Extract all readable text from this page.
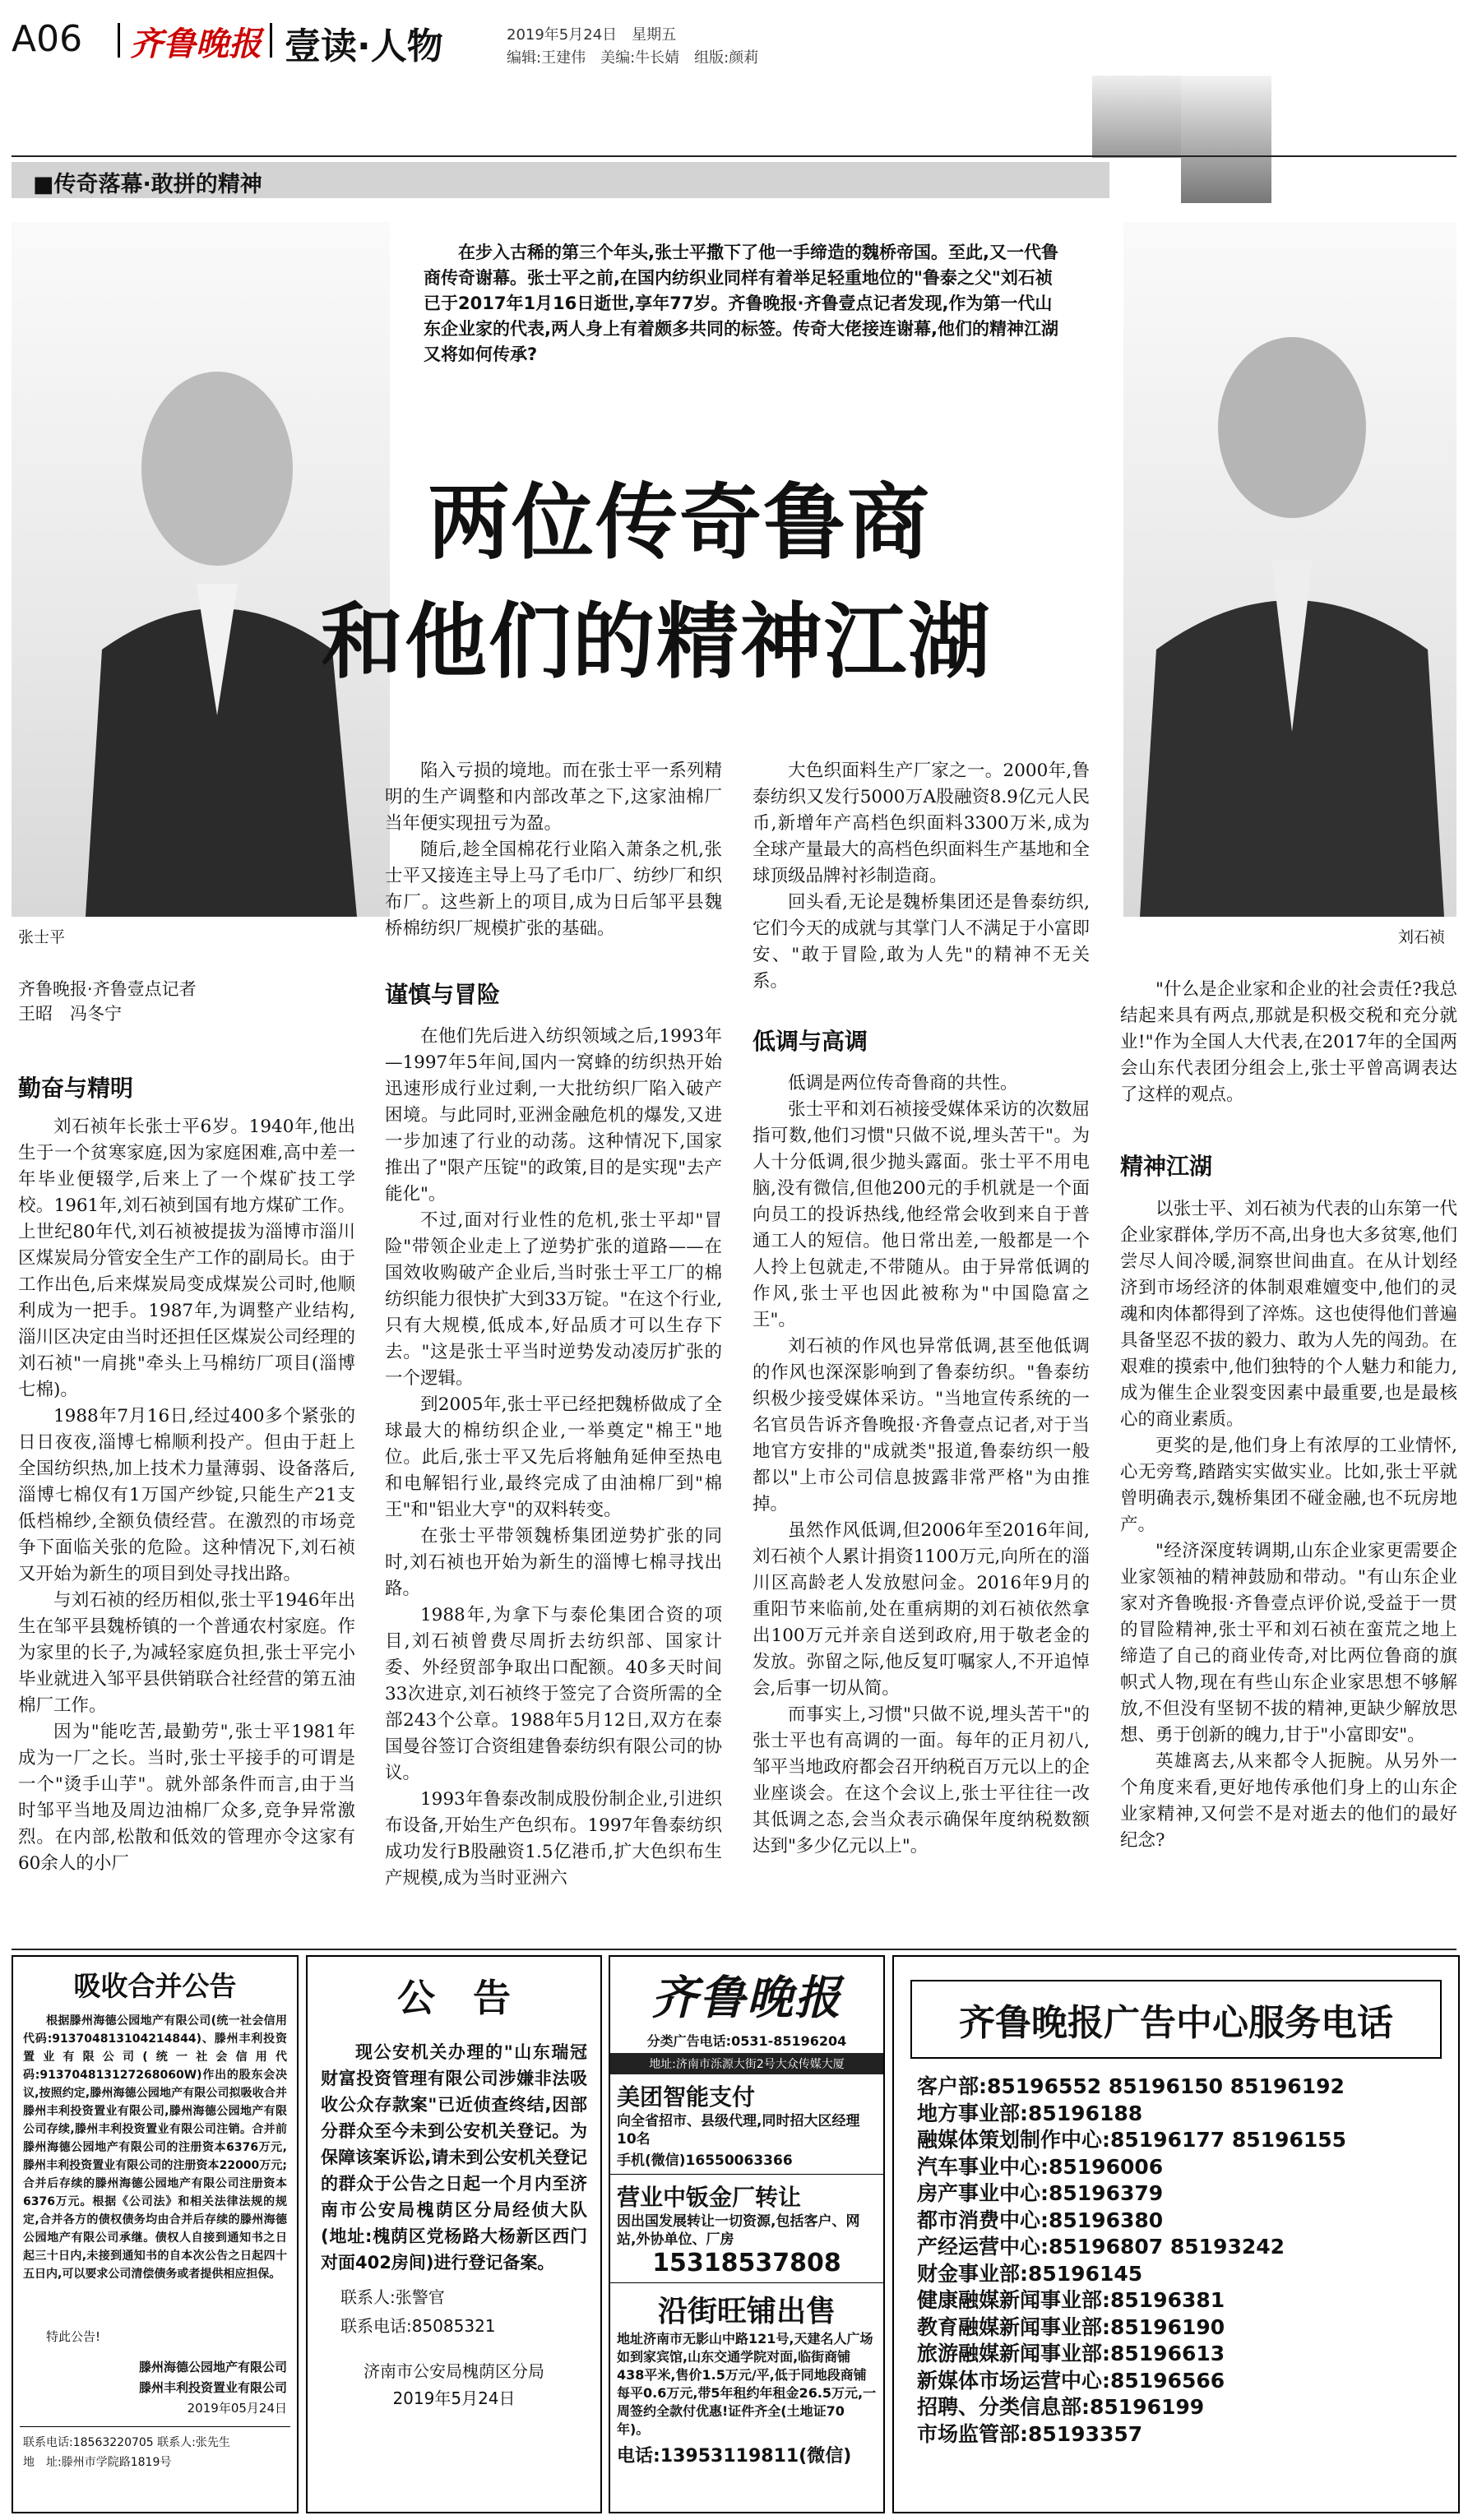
A06 齐鲁晚报 壹读·人物	2019年5月24日　星期五
编辑:王建伟　美编:牛长婧　组版:颜莉
■传奇落幕·敢拼的精神
张士平	刘石祯
在步入古稀的第三个年头,张士平撒下了他一手缔造的魏桥帝国。至此,又一代鲁商传奇谢幕。张士平之前,在国内纺织业同样有着举足轻重地位的"鲁泰之父"刘石祯已于2017年1月16日逝世,享年77岁。齐鲁晚报·齐鲁壹点记者发现,作为第一代山东企业家的代表,两人身上有着颇多共同的标签。传奇大佬接连谢幕,他们的精神江湖又将如何传承?
两位传奇鲁商
和他们的精神江湖
齐鲁晚报·齐鲁壹点记者
王昭　冯冬宁
勤奋与精明

刘石祯年长张士平6岁。1940年,他出生于一个贫寒家庭,因为家庭困难,高中差一年毕业便辍学,后来上了一个煤矿技工学校。1961年,刘石祯到国有地方煤矿工作。上世纪80年代,刘石祯被提拔为淄博市淄川区煤炭局分管安全生产工作的副局长。由于工作出色,后来煤炭局变成煤炭公司时,他顺利成为一把手。1987年,为调整产业结构,淄川区决定由当时还担任区煤炭公司经理的刘石祯"一肩挑"牵头上马棉纺厂项目(淄博七棉)。

1988年7月16日,经过400多个紧张的日日夜夜,淄博七棉顺利投产。但由于赶上全国纺织热,加上技术力量薄弱、设备落后,淄博七棉仅有1万国产纱锭,只能生产21支低档棉纱,全额负债经营。在激烈的市场竞争下面临关张的危险。这种情况下,刘石祯又开始为新生的项目到处寻找出路。

与刘石祯的经历相似,张士平1946年出生在邹平县魏桥镇的一个普通农村家庭。作为家里的长子,为减轻家庭负担,张士平完小毕业就进入邹平县供销联合社经营的第五油棉厂工作。

因为"能吃苦,最勤劳",张士平1981年成为一厂之长。当时,张士平接手的可谓是一个"烫手山芋"。就外部条件而言,由于当时邹平当地及周边油棉厂众多,竞争异常激烈。在内部,松散和低效的管理亦令这家有60余人的小厂

陷入亏损的境地。而在张士平一系列精明的生产调整和内部改革之下,这家油棉厂当年便实现扭亏为盈。

随后,趁全国棉花行业陷入萧条之机,张士平又接连主导上马了毛巾厂、纺纱厂和织布厂。这些新上的项目,成为日后邹平县魏桥棉纺织厂规模扩张的基础。

谨慎与冒险

在他们先后进入纺织领域之后,1993年—1997年5年间,国内一窝蜂的纺织热开始迅速形成行业过剩,一大批纺织厂陷入破产困境。与此同时,亚洲金融危机的爆发,又进一步加速了行业的动荡。这种情况下,国家推出了"限产压锭"的政策,目的是实现"去产能化"。

不过,面对行业性的危机,张士平却"冒险"带领企业走上了逆势扩张的道路——在国效收购破产企业后,当时张士平工厂的棉纺织能力很快扩大到33万锭。"在这个行业,只有大规模,低成本,好品质才可以生存下去。"这是张士平当时逆势发动凌厉扩张的一个逻辑。

到2005年,张士平已经把魏桥做成了全球最大的棉纺织企业,一举奠定"棉王"地位。此后,张士平又先后将触角延伸至热电和电解铝行业,最终完成了由油棉厂到"棉王"和"铝业大亨"的双料转变。

在张士平带领魏桥集团逆势扩张的同时,刘石祯也开始为新生的淄博七棉寻找出路。

1988年,为拿下与泰伦集团合资的项目,刘石祯曾费尽周折去纺织部、国家计委、外经贸部争取出口配额。40多天时间33次进京,刘石祯终于签完了合资所需的全部243个公章。1988年5月12日,双方在泰国曼谷签订合资组建鲁泰纺织有限公司的协议。

1993年鲁泰改制成股份制企业,引进织布设备,开始生产色织布。1997年鲁泰纺织成功发行B股融资1.5亿港币,扩大色织布生产规模,成为当时亚洲六

大色织面料生产厂家之一。2000年,鲁泰纺织又发行5000万A股融资8.9亿元人民币,新增年产高档色织面料3300万米,成为全球产量最大的高档色织面料生产基地和全球顶级品牌衬衫制造商。

回头看,无论是魏桥集团还是鲁泰纺织,它们今天的成就与其掌门人不满足于小富即安、"敢于冒险,敢为人先"的精神不无关系。

低调与高调

低调是两位传奇鲁商的共性。

张士平和刘石祯接受媒体采访的次数屈指可数,他们习惯"只做不说,埋头苦干"。为人十分低调,很少抛头露面。张士平不用电脑,没有微信,但他200元的手机就是一个面向员工的投诉热线,他经常会收到来自于普通工人的短信。他日常出差,一般都是一个人拎上包就走,不带随从。由于异常低调的作风,张士平也因此被称为"中国隐富之王"。

刘石祯的作风也异常低调,甚至他低调的作风也深深影响到了鲁泰纺织。"鲁泰纺织极少接受媒体采访。"当地宣传系统的一名官员告诉齐鲁晚报·齐鲁壹点记者,对于当地官方安排的"成就类"报道,鲁泰纺织一般都以"上市公司信息披露非常严格"为由推掉。

虽然作风低调,但2006年至2016年间,刘石祯个人累计捐资1100万元,向所在的淄川区高龄老人发放慰问金。2016年9月的重阳节来临前,处在重病期的刘石祯依然拿出100万元并亲自送到政府,用于敬老金的发放。弥留之际,他反复叮嘱家人,不开追悼会,后事一切从简。

而事实上,习惯"只做不说,埋头苦干"的张士平也有高调的一面。每年的正月初八,邹平当地政府都会召开纳税百万元以上的企业座谈会。在这个会议上,张士平往往一改其低调之态,会当众表示确保年度纳税数额达到"多少亿元以上"。

"什么是企业家和企业的社会责任?我总结起来具有两点,那就是积极交税和充分就业!"作为全国人大代表,在2017年的全国两会山东代表团分组会上,张士平曾高调表达了这样的观点。

精神江湖

以张士平、刘石祯为代表的山东第一代企业家群体,学历不高,出身也大多贫寒,他们尝尽人间冷暖,洞察世间曲直。在从计划经济到市场经济的体制艰难嬗变中,他们的灵魂和肉体都得到了淬炼。这也使得他们普遍具备坚忍不拔的毅力、敢为人先的闯劲。在艰难的摸索中,他们独特的个人魅力和能力,成为催生企业裂变因素中最重要,也是最核心的商业素质。

更奖的是,他们身上有浓厚的工业情怀,心无旁骛,踏踏实实做实业。比如,张士平就曾明确表示,魏桥集团不碰金融,也不玩房地产。

"经济深度转调期,山东企业家更需要企业家领袖的精神鼓励和带动。"有山东企业家对齐鲁晚报·齐鲁壹点评价说,受益于一贯的冒险精神,张士平和刘石祯在蛮荒之地上缔造了自己的商业传奇,对比两位鲁商的旗帜式人物,现在有些山东企业家思想不够解放,不但没有坚韧不拔的精神,更缺少解放思想、勇于创新的魄力,甘于"小富即安"。

英雄离去,从来都令人扼腕。从另外一个角度来看,更好地传承他们身上的山东企业家精神,又何尝不是对逝去的他们的最好纪念?

吸收合并公告
根据滕州海德公园地产有限公司(统一社会信用代码:913704813104214844)、滕州丰利投资置业有限公司(统一社会信用代码:913704813127268060W)作出的股东会决议,按照约定,滕州海德公园地产有限公司拟吸收合并滕州丰利投资置业有限公司,滕州海德公园地产有限公司存续,滕州丰利投资置业有限公司注销。合并前滕州海德公园地产有限公司的注册资本6376万元,滕州丰利投资置业有限公司的注册资本22000万元;合并后存续的滕州海德公园地产有限公司注册资本6376万元。根据《公司法》和相关法律法规的规定,合并各方的债权债务均由合并后存续的滕州海德公园地产有限公司承继。债权人自接到通知书之日起三十日内,未接到通知书的自本次公告之日起四十五日内,可以要求公司清偿债务或者提供相应担保。
特此公告!
滕州海德公园地产有限公司
滕州丰利投资置业有限公司
2019年05月24日
联系电话:18563220705 联系人:张先生
地　址:滕州市学院路1819号
公　告
现公安机关办理的"山东瑞冠财富投资管理有限公司涉嫌非法吸收公众存款案"已近侦查终结,因部分群众至今未到公安机关登记。为保障该案诉讼,请未到公安机关登记的群众于公告之日起一个月内至济南市公安局槐荫区分局经侦大队(地址:槐荫区党杨路大杨新区西门对面402房间)进行登记备案。
联系人:张警官
联系电话:85085321
济南市公安局槐荫区分局
2019年5月24日
齐鲁晚报
分类广告电话:0531-85196204
地址:济南市泺源大街2号大众传媒大厦
美团智能支付
向全省招市、县级代理,同时招大区经理10名
手机(微信)16550063366
营业中钣金厂转让
因出国发展转让一切资源,包括客户、网站,外协单位、厂房
15318537808
沿街旺铺出售
地址济南市无影山中路121号,天建名人广场如到家宾馆,山东交通学院对面,临街商铺438平米,售价1.5万元/平,低于同地段商铺每平0.6万元,带5年租约年租金26.5万元,一周签约全款付优惠!证件齐全(土地证70年)。
电话:13953119811(微信)
齐鲁晚报广告中心服务电话
客户部:85196552 85196150 85196192
地方事业部:85196188
融媒体策划制作中心:85196177 85196155
汽车事业中心:85196006
房产事业中心:85196379
都市消费中心:85196380
产经运营中心:85196807 85193242
财金事业部:85196145
健康融媒新闻事业部:85196381
教育融媒新闻事业部:85196190
旅游融媒新闻事业部:85196613
新媒体市场运营中心:85196566
招聘、分类信息部:85196199
市场监管部:85193357
